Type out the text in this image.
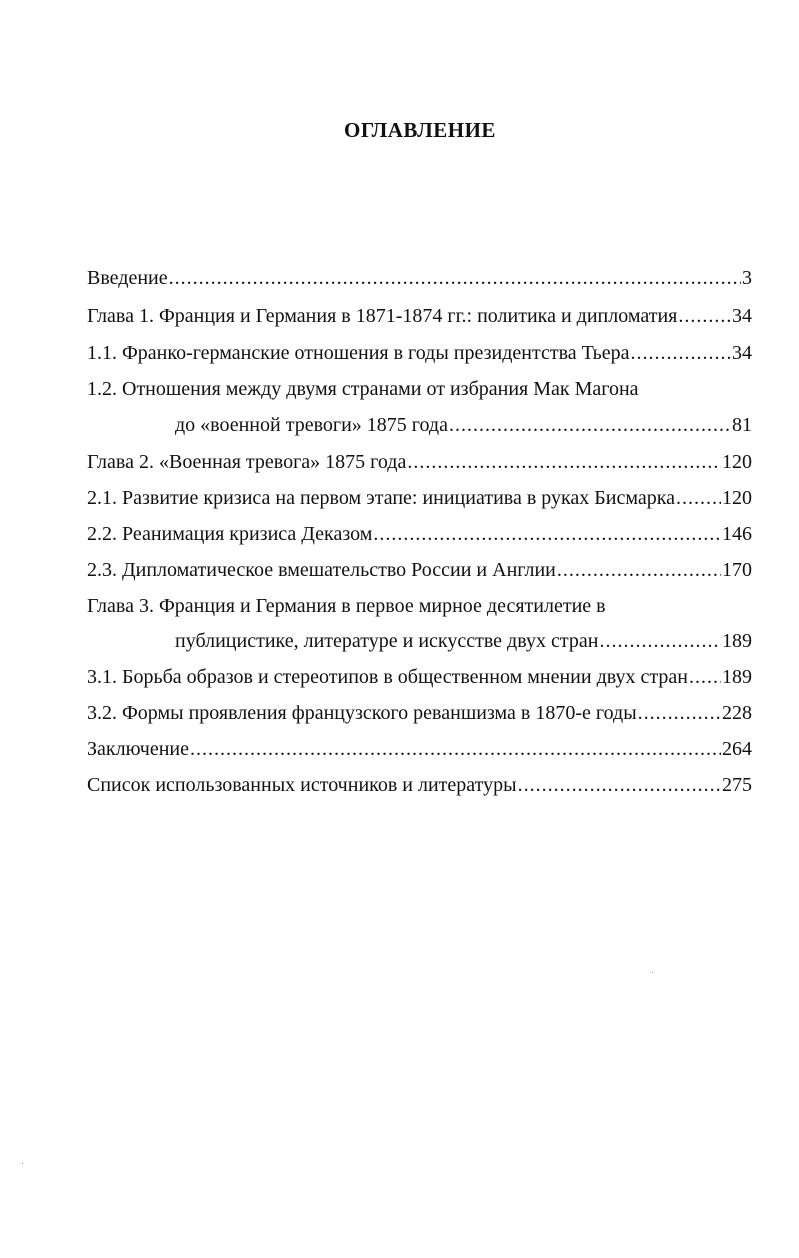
ОГЛАВЛЕНИЕ
Введение .....	3
Глава 1. Франция и Германия в 1871-1874 гг.: политика и дипломатия .....	34
1.1. Франко-германские отношения в годы президентства Тьера .....	34
1.2. Отношения между двумя странами от избрания Мак Магона
до «военной тревоги» 1875 года .....	81
Глава 2. «Военная тревога» 1875 года .....	120
2.1. Развитие кризиса на первом этапе: инициатива в руках Бисмарка ..... 120
2.2. Реанимация кризиса Деказом .....	146
2.3. Дипломатическое вмешательство России и Англии .....	170
Глава 3. Франция и Германия в первое мирное десятилетие в
публицистике, литературе и искусстве двух стран .....	189
3.1. Борьба образов и стереотипов в общественном мнении двух стран ..... 189
3.2. Формы проявления французского реваншизма в 1870-е годы .....	228
Заключение .....	264
Список использованных источников и литературы .....	275
